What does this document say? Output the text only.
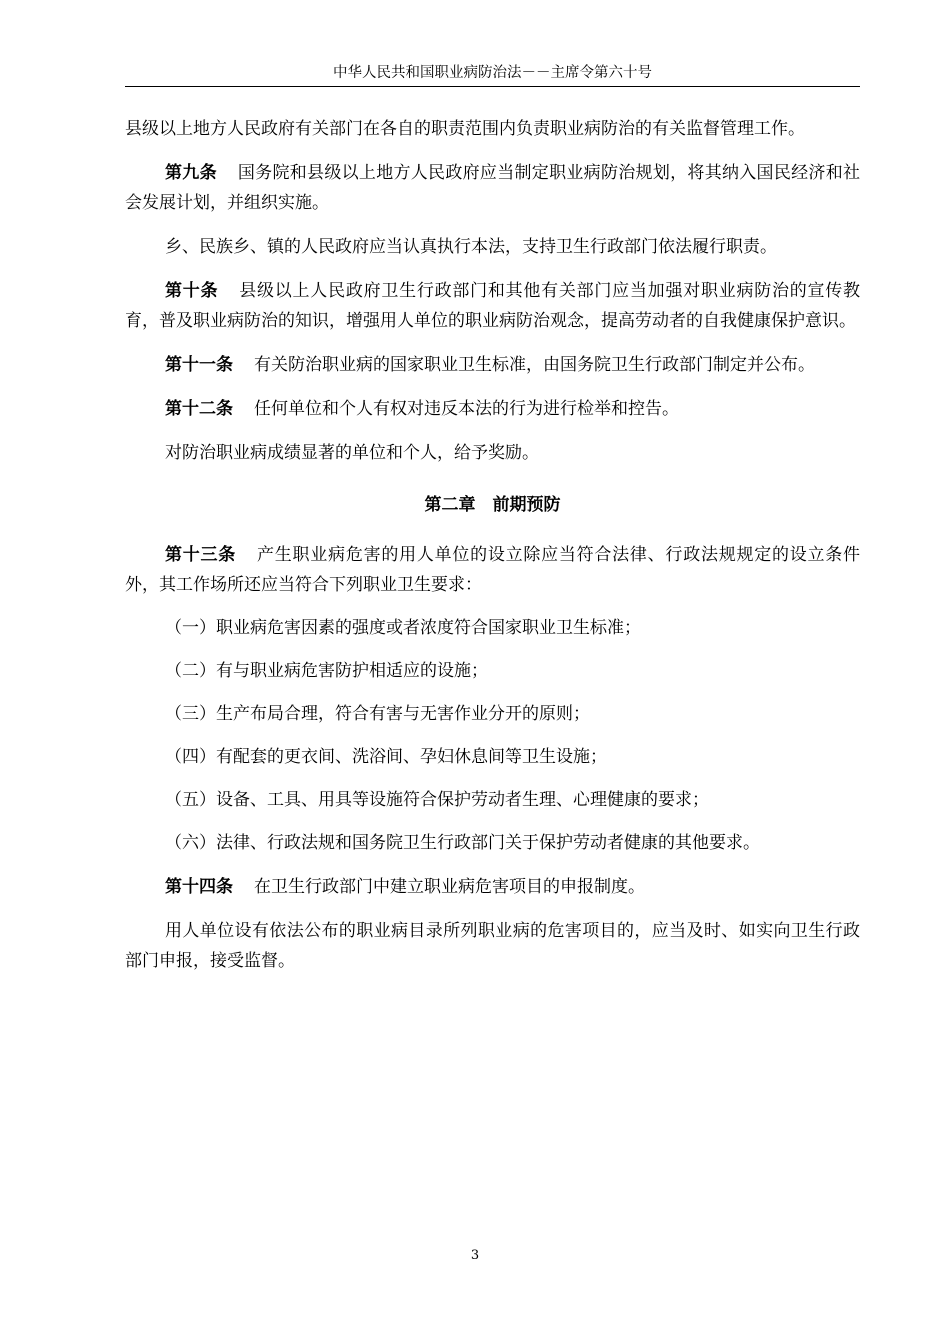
中华人民共和国职业病防治法－－主席令第六十号

县级以上地方人民政府有关部门在各自的职责范围内负责职业病防治的有关监督管理工作。

第九条 国务院和县级以上地方人民政府应当制定职业病防治规划，将其纳入国民经济和社会发展计划，并组织实施。

乡、民族乡、镇的人民政府应当认真执行本法，支持卫生行政部门依法履行职责。

第十条 县级以上人民政府卫生行政部门和其他有关部门应当加强对职业病防治的宣传教育，普及职业病防治的知识，增强用人单位的职业病防治观念，提高劳动者的自我健康保护意识。

第十一条 有关防治职业病的国家职业卫生标准，由国务院卫生行政部门制定并公布。

第十二条 任何单位和个人有权对违反本法的行为进行检举和控告。

对防治职业病成绩显著的单位和个人，给予奖励。

第二章　前期预防

第十三条 产生职业病危害的用人单位的设立除应当符合法律、行政法规规定的设立条件外，其工作场所还应当符合下列职业卫生要求：

（一）职业病危害因素的强度或者浓度符合国家职业卫生标准；

（二）有与职业病危害防护相适应的设施；

（三）生产布局合理，符合有害与无害作业分开的原则；

（四）有配套的更衣间、洗浴间、孕妇休息间等卫生设施；

（五）设备、工具、用具等设施符合保护劳动者生理、心理健康的要求；

（六）法律、行政法规和国务院卫生行政部门关于保护劳动者健康的其他要求。

第十四条 在卫生行政部门中建立职业病危害项目的申报制度。

用人单位设有依法公布的职业病目录所列职业病的危害项目的，应当及时、如实向卫生行政部门申报，接受监督。

3
